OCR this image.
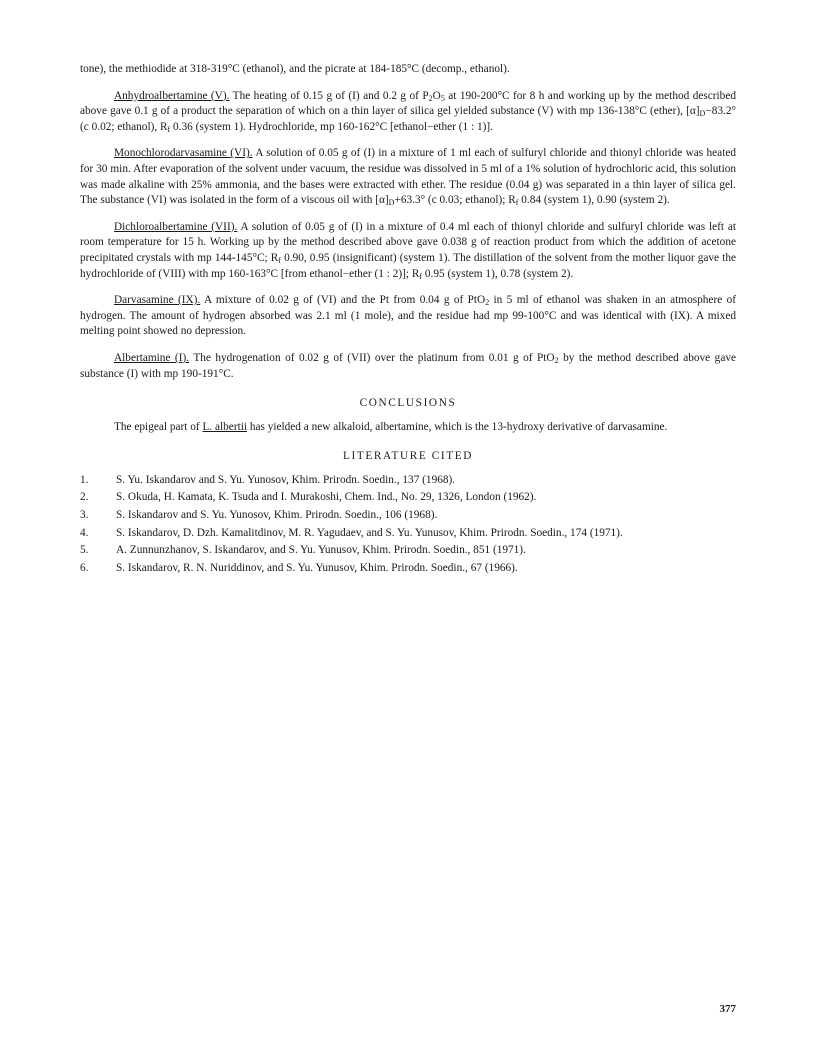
tone), the methiodide at 318-319°C (ethanol), and the picrate at 184-185°C (decomp., ethanol).

Anhydroalbertamine (V). The heating of 0.15 g of (I) and 0.2 g of $P_2O_5$ at 190-200°C for 8 h and working up by the method described above gave 0.1 g of a product the separation of which on a thin layer of silica gel yielded substance (V) with mp 136-138°C (ether), $[\alpha]_D-83.2^\circ$ (c 0.02; ethanol), $R_f$ 0.36 (system 1). Hydrochloride, mp 160-162°C [ethanol−ether (1 : 1)].

Monochlorodarvasamine (VI). A solution of 0.05 g of (I) in a mixture of 1 ml each of sulfuryl chloride and thionyl chloride was heated for 30 min. After evaporation of the solvent under vacuum, the residue was dissolved in 5 ml of a 1% solution of hydrochloric acid, this solution was made alkaline with 25% ammonia, and the bases were extracted with ether. The residue (0.04 g) was separated in a thin layer of silica gel. The substance (VI) was isolated in the form of a viscous oil with $[\alpha]_D+63.3^\circ$ (c 0.03; ethanol); $R_f$ 0.84 (system 1), 0.90 (system 2).

Dichloroalbertamine (VII). A solution of 0.05 g of (I) in a mixture of 0.4 ml each of thionyl chloride and sulfuryl chloride was left at room temperature for 15 h. Working up by the method described above gave 0.038 g of reaction product from which the addition of acetone precipitated crystals with mp 144-145°C; $R_f$ 0.90, 0.95 (insignificant) (system 1). The distillation of the solvent from the mother liquor gave the hydrochloride of (VIII) with mp 160-163°C [from ethanol−ether (1 : 2)]; $R_f$ 0.95 (system 1), 0.78 (system 2).

Darvasamine (IX). A mixture of 0.02 g of (VI) and the Pt from 0.04 g of PtO$_2$ in 5 ml of ethanol was shaken in an atmosphere of hydrogen. The amount of hydrogen absorbed was 2.1 ml (1 mole), and the residue had mp 99-100°C and was identical with (IX). A mixed melting point showed no depression.

Albertamine (I). The hydrogenation of 0.02 g of (VII) over the platinum from 0.01 g of PtO$_2$ by the method described above gave substance (I) with mp 190-191°C.

CONCLUSIONS

The epigeal part of L. albertii has yielded a new alkaloid, albertamine, which is the 13-hydroxy derivative of darvasamine.

LITERATURE CITED
1.	S. Yu. Iskandarov and S. Yu. Yunosov, Khim. Prirodn. Soedin., 137 (1968).
2.	S. Okuda, H. Kamata, K. Tsuda and I. Murakoshi, Chem. Ind., No. 29, 1326, London (1962).
3.	S. Iskandarov and S. Yu. Yunosov, Khim. Prirodn. Soedin., 106 (1968).
4.	S. Iskandarov, D. Dzh. Kamalitdinov, M. R. Yagudaev, and S. Yu. Yunusov, Khim. Prirodn. Soedin., 174 (1971).
5.	A. Zunnunzhanov, S. Iskandarov, and S. Yu. Yunusov, Khim. Prirodn. Soedin., 851 (1971).
6.	S. Iskandarov, R. N. Nuriddinov, and S. Yu. Yunusov, Khim. Prirodn. Soedin., 67 (1966).
377
